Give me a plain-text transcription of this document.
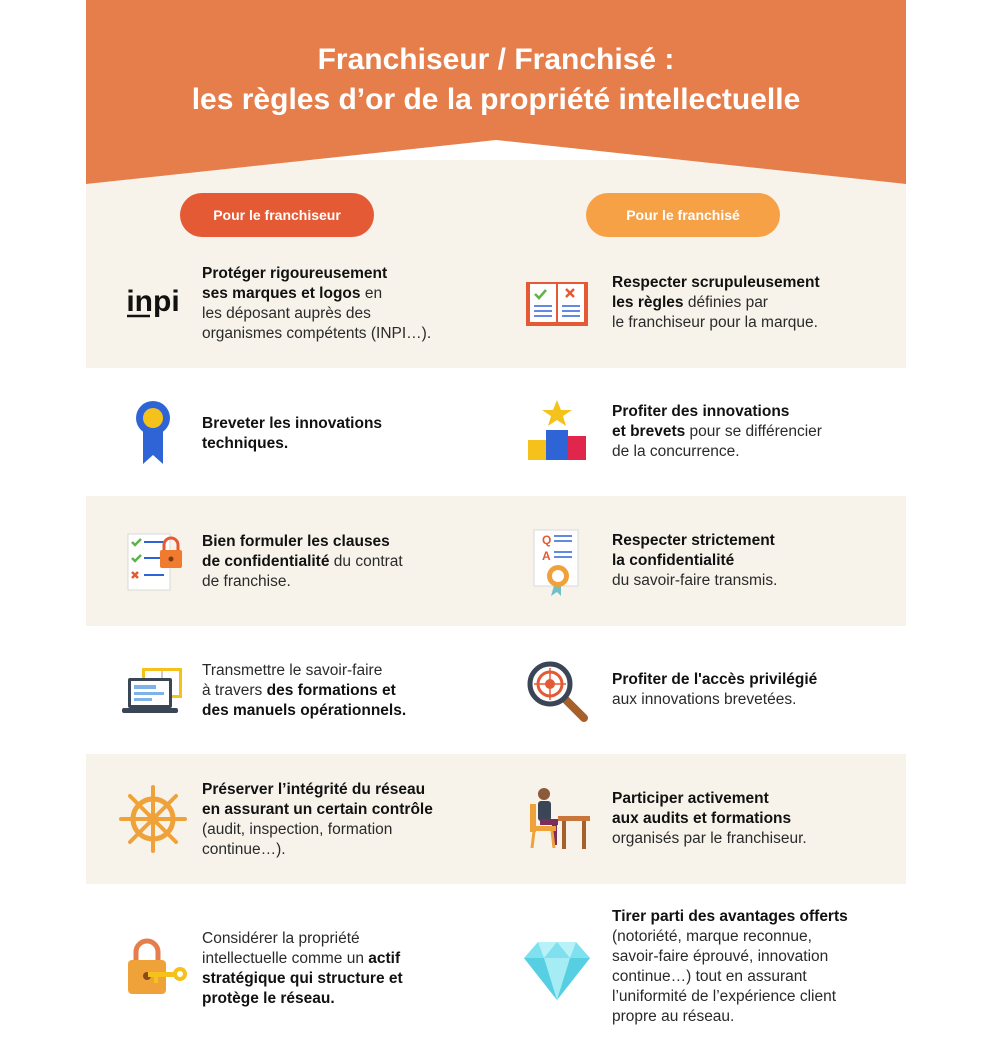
Franchiseur / Franchisé :
les règles d’or de la propriété intellectuelle
Pour le franchiseur	Pour le franchisé
inpi
Q
A
Protéger rigoureusement
ses marques et logos en
les déposant auprès des
organismes compétents (INPI…).
Breveter les innovations
techniques.
Bien formuler les clauses
de confidentialité du contrat
de franchise.
Transmettre le savoir-faire
à travers des formations et
des manuels opérationnels.
Préserver l’intégrité du réseau
en assurant un certain contrôle
(audit, inspection, formation
continue…).
Considérer la propriété
intellectuelle comme un actif
stratégique qui structure et
protège le réseau.
Respecter scrupuleusement
les règles définies par
le franchiseur pour la marque.
Profiter des innovations
et brevets pour se différencier
de la concurrence.
Respecter strictement
la confidentialité
du savoir-faire transmis.
Profiter de l'accès privilégié
aux innovations brevetées.
Participer activement
aux audits et formations
organisés par le franchiseur.
Tirer parti des avantages offerts
(notoriété, marque reconnue,
savoir-faire éprouvé, innovation
continue…) tout en assurant
l’uniformité de l’expérience client
propre au réseau.
